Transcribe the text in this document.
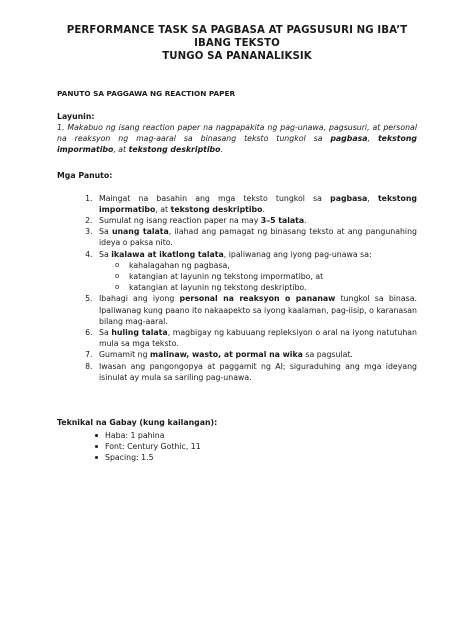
PERFORMANCE TASK SA PAGBASA AT PAGSUSURI NG IBA’T IBANG TEKSTO
TUNGO SA PANANALIKSIK

PANUTO SA PAGGAWA NG REACTION PAPER
Layunin:

1. Makabuo ng isang reaction paper na nagpapakita ng pag-unawa, pagsusuri, at personal na reaksyon ng mag-aaral sa binasang teksto tungkol sa pagbasa, tekstong impormatibo, at tekstong deskriptibo.

Mga Panuto:
1. Maingat na basahin ang mga teksto tungkol sa pagbasa, tekstong impormatibo, at tekstong deskriptibo.
2. Sumulat ng isang reaction paper na may 3–5 talata.
3. Sa unang talata, ilahad ang pamagat ng binasang teksto at ang pangunahing ideya o paksa nito.
4. Sa ikalawa at ikatlong talata, ipaliwanag ang iyong pag-unawa sa:
o kahalagahan ng pagbasa,
o katangian at layunin ng tekstong impormatibo, at
o katangian at layunin ng tekstong deskriptibo.
5. Ibahagi ang iyong personal na reaksyon o pananaw tungkol sa binasa. Ipaliwanag kung paano ito nakaapekto sa iyong kaalaman, pag-iisip, o karanasan bilang mag-aaral.
6. Sa huling talata, magbigay ng kabuuang repleksiyon o aral na iyong natutuhan mula sa mga teksto.
7. Gumamit ng malinaw, wasto, at pormal na wika sa pagsulat.
8. Iwasan ang pangongopya at paggamit ng AI; siguraduhing ang mga ideyang isinulat ay mula sa sariling pag-unawa.
Teknikal na Gabay (kung kailangan):
Haba: 1 pahina
Font: Century Gothic, 11
Spacing: 1.5
